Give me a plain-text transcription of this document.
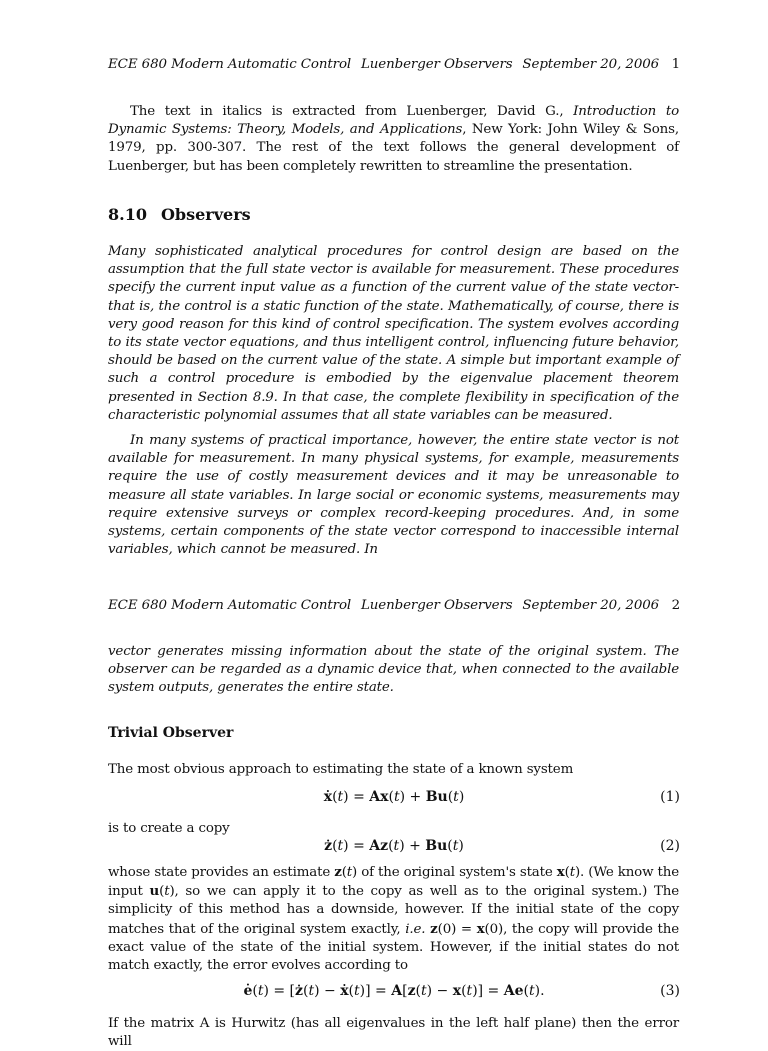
ECE 680 Modern Automatic Control Luenberger Observers September 20, 2006 1

The text in italics is extracted from Luenberger, David G., Introduction to Dynamic Systems: Theory, Models, and Applications, New York: John Wiley & Sons, 1979, pp. 300-307. The rest of the text follows the general development of Luenberger, but has been completely rewritten to streamline the presentation.

8.10 Observers

Many sophisticated analytical procedures for control design are based on the assumption that the full state vector is available for measurement. These procedures specify the current input value as a function of the current value of the state vector-that is, the control is a static function of the state. Mathematically, of course, there is very good reason for this kind of control specification. The system evolves according to its state vector equations, and thus intelligent control, influencing future behavior, should be based on the current value of the state. A simple but important example of such a control procedure is embodied by the eigenvalue placement theorem presented in Section 8.9. In that case, the complete flexibility in specification of the characteristic polynomial assumes that all state variables can be measured.

In many systems of practical importance, however, the entire state vector is not available for measurement. In many physical systems, for example, measurements require the use of costly measurement devices and it may be unreasonable to measure all state variables. In large social or economic systems, measurements may require extensive surveys or complex record-keeping procedures. And, in some systems, certain components of the state vector correspond to inaccessible internal variables, which cannot be measured. In

ECE 680 Modern Automatic Control Luenberger Observers September 20, 2006 2

vector generates missing information about the state of the original system. The observer can be regarded as a dynamic device that, when connected to the available system outputs, generates the entire state.

Trivial Observer

The most obvious approach to estimating the state of a known system

ẋ(t) = Ax(t) + Bu(t)	(1)

is to create a copy

ż(t) = Az(t) + Bu(t)	(2)

whose state provides an estimate z(t) of the original system's state x(t). (We know the input u(t), so we can apply it to the copy as well as to the original system.) The simplicity of this method has a downside, however. If the initial state of the copy matches that of the original system exactly, i.e. z(0) = x(0), the copy will provide the exact value of the state of the initial system. However, if the initial states do not match exactly, the error evolves according to

ė(t) = [ż(t) − ẋ(t)] = A[z(t) − x(t)] = Ae(t).	(3)

If the matrix A is Hurwitz (has all eigenvalues in the left half plane) then the error will
